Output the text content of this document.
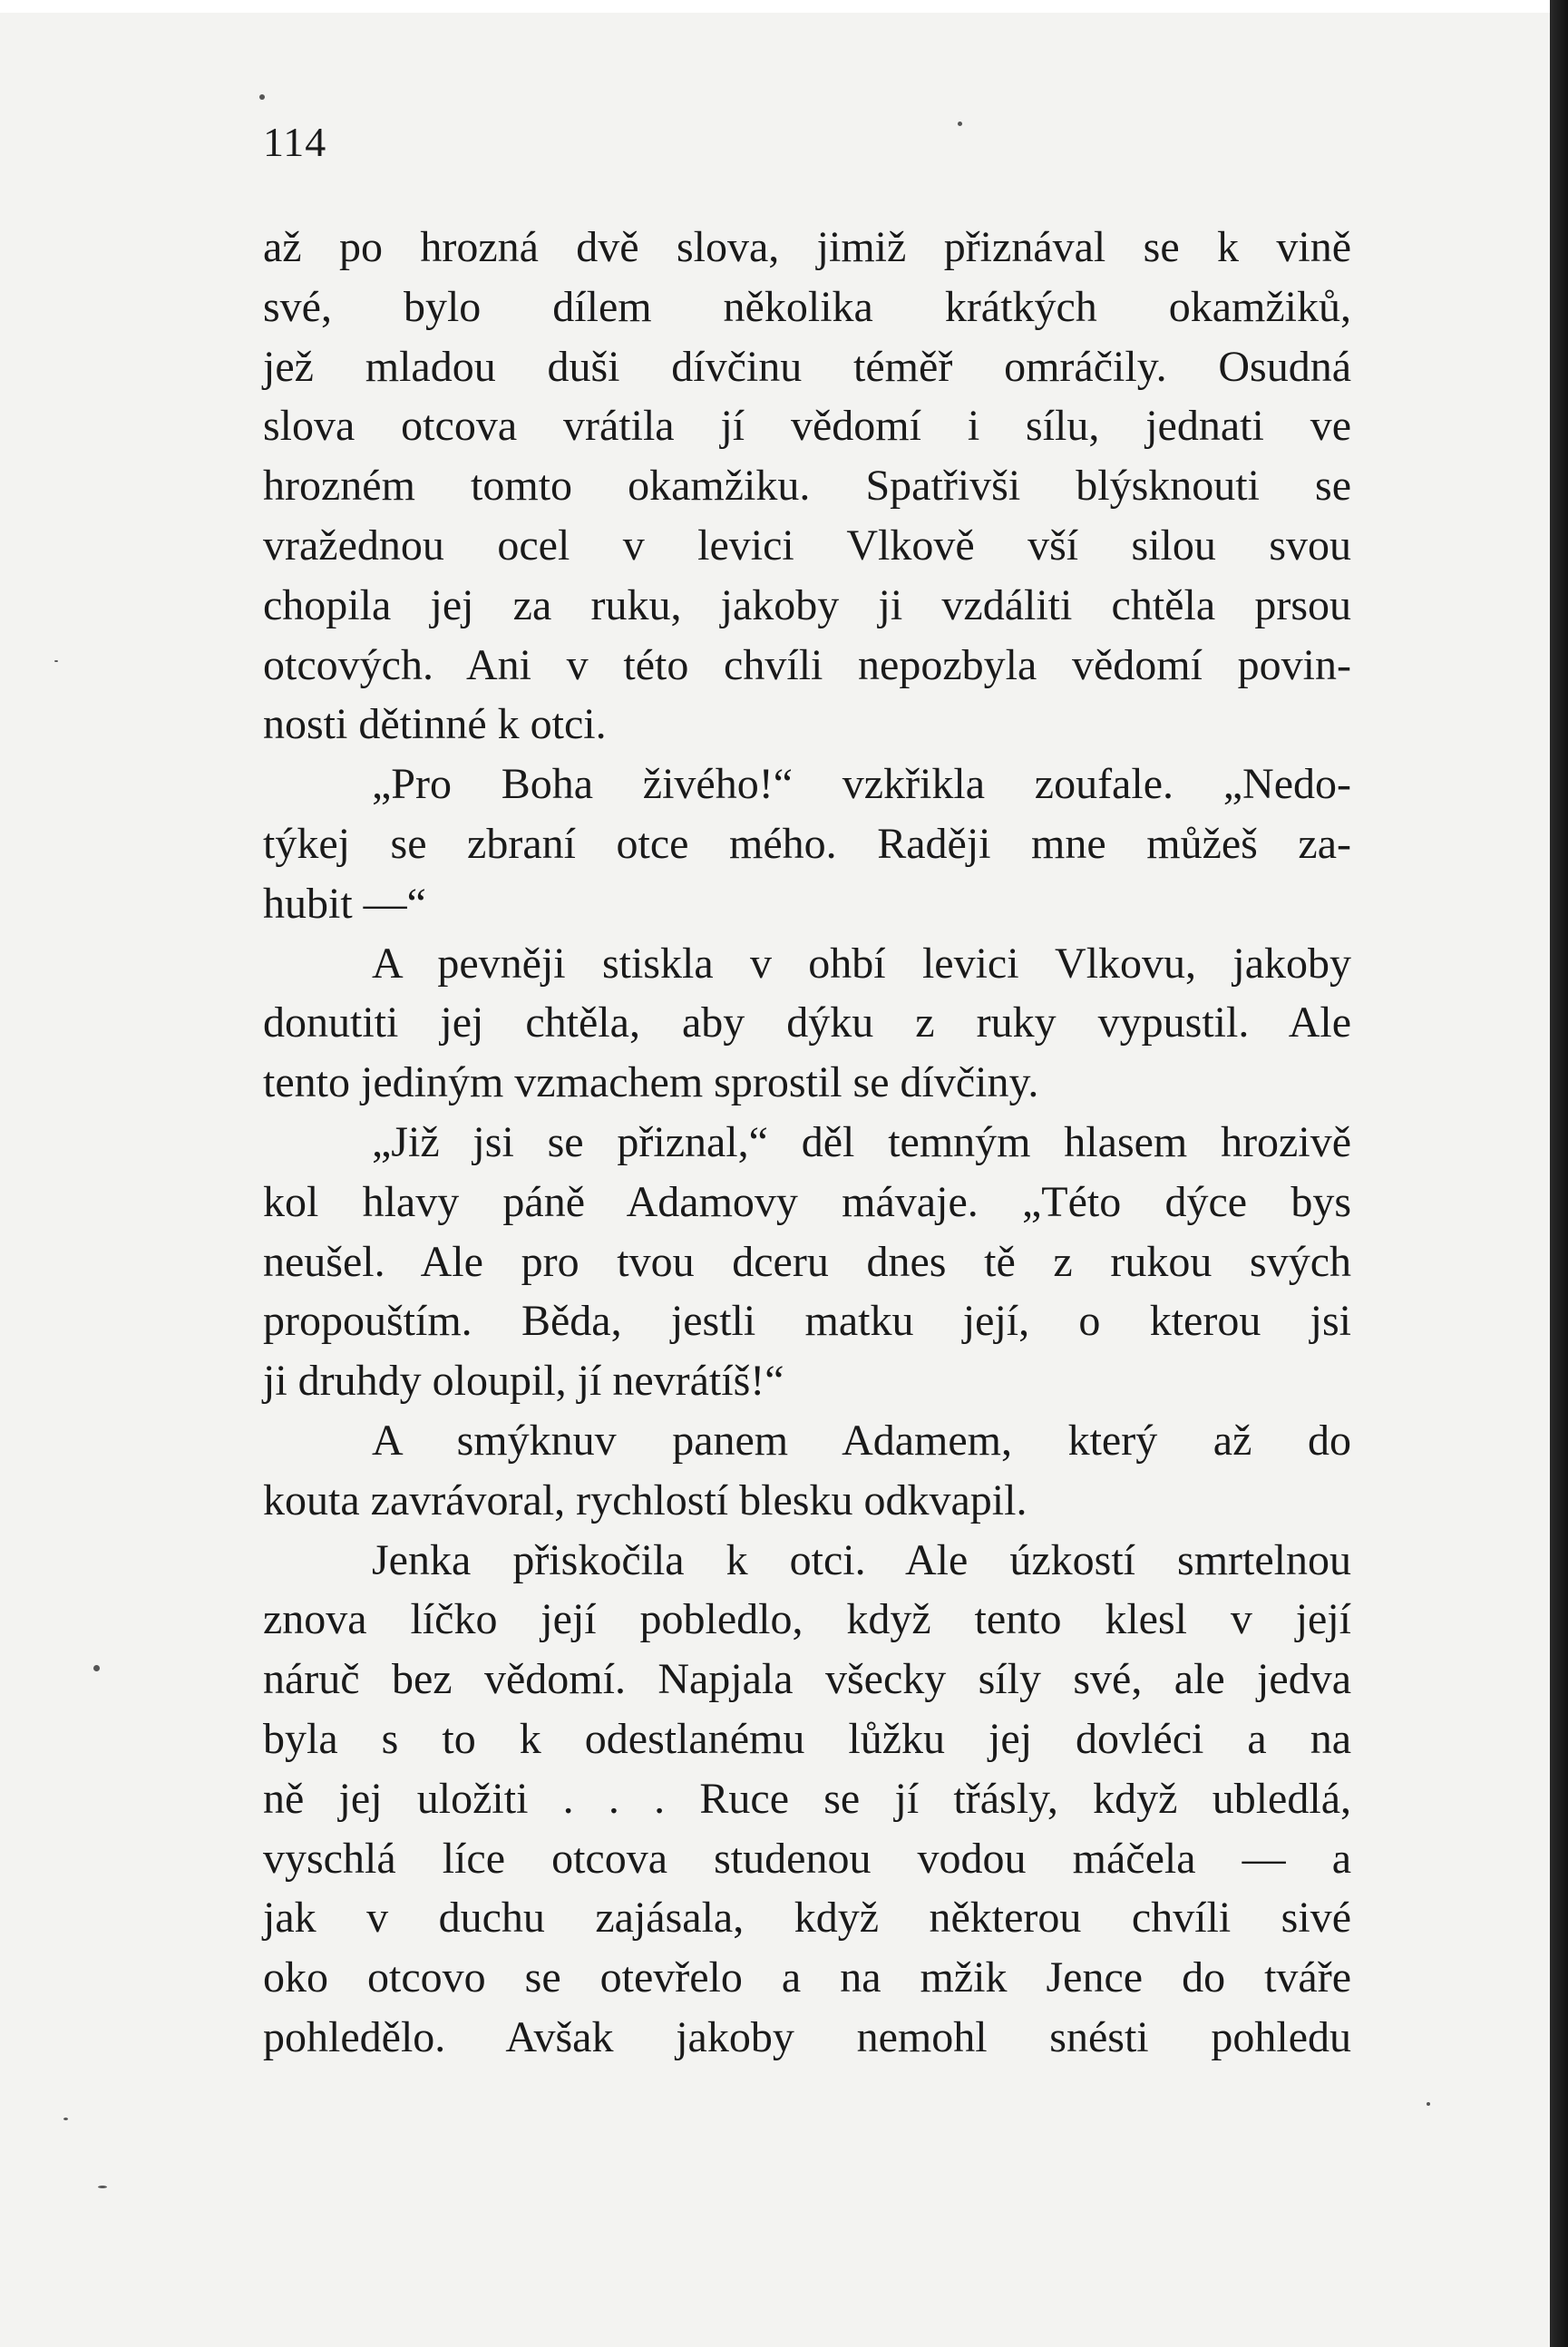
114
až po hrozná dvě slova, jimiž přiznával se k vině
své, bylo dílem několika krátkých okamžiků,
jež mladou duši dívčinu téměř omráčily. Osudná
slova otcova vrátila jí vědomí i sílu, jednati ve
hrozném tomto okamžiku. Spatřivši blýsknouti se
vražednou ocel v levici Vlkově vší silou svou
chopila jej za ruku, jakoby ji vzdáliti chtěla prsou
otcových. Ani v této chvíli nepozbyla vědomí povin-
nosti dětinné k otci.
„Pro Boha živého!“ vzkřikla zoufale. „Nedo-
týkej se zbraní otce mého. Raději mne můžeš za-
hubit —“
A pevněji stiskla v ohbí levici Vlkovu, jakoby
donutiti jej chtěla, aby dýku z ruky vypustil. Ale
tento jediným vzmachem sprostil se dívčiny.
„Již jsi se přiznal,“ děl temným hlasem hrozivě
kol hlavy páně Adamovy mávaje. „Této dýce bys
neušel. Ale pro tvou dceru dnes tě z rukou svých
propouštím. Běda, jestli matku její, o kterou jsi
ji druhdy oloupil, jí nevrátíš!“
A smýknuv panem Adamem, který až do
kouta zavrávoral, rychlostí blesku odkvapil.
Jenka přiskočila k otci. Ale úzkostí smrtelnou
znova líčko její pobledlo, když tento klesl v její
náruč bez vědomí. Napjala všecky síly své, ale jedva
byla s to k odestlanému lůžku jej dovléci a na
ně jej uložiti . . . Ruce se jí třásly, když ubledlá,
vyschlá líce otcova studenou vodou máčela — a
jak v duchu zajásala, když některou chvíli sivé
oko otcovo se otevřelo a na mžik Jence do tváře
pohledělo. Avšak jakoby nemohl snésti pohledu
